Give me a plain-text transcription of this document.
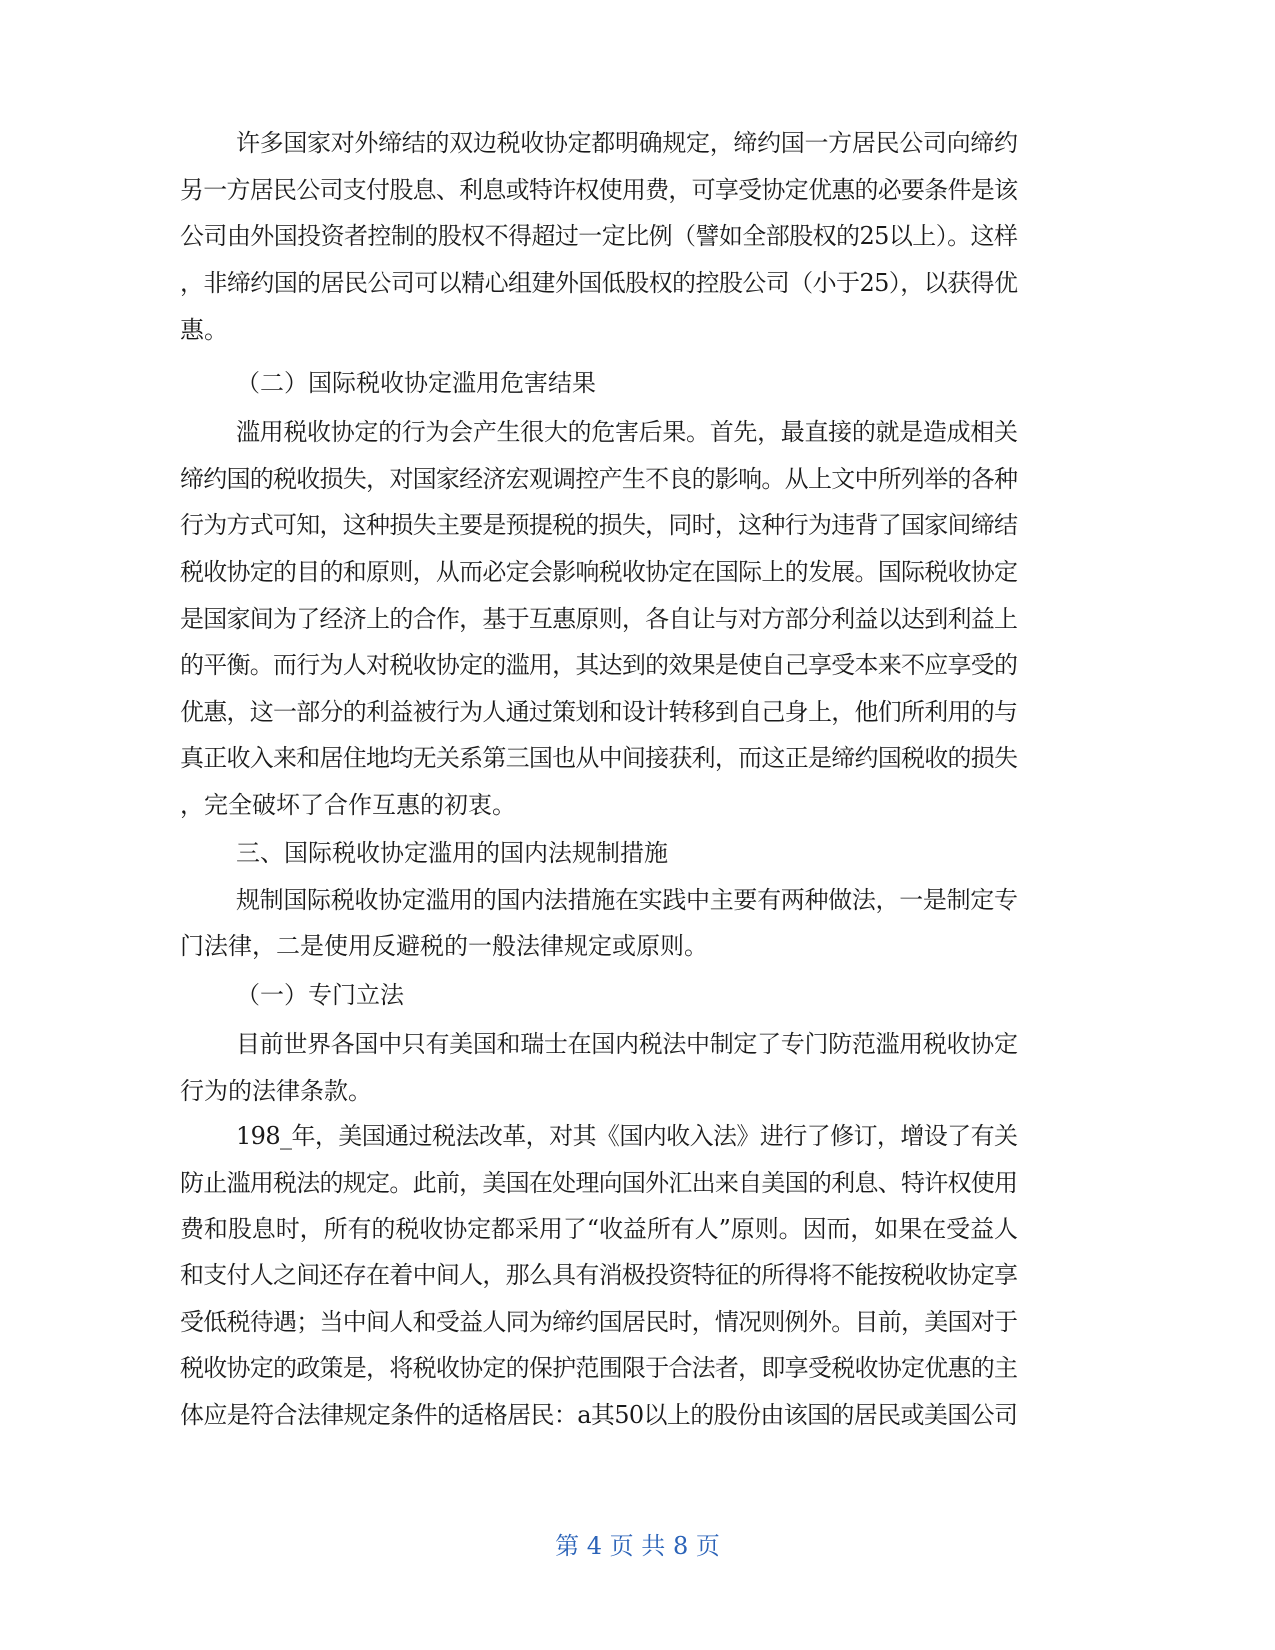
许多国家对外缔结的双边税收协定都明确规定，缔约国一方居民公司向缔约
另一方居民公司支付股息、利息或特许权使用费，可享受协定优惠的必要条件是该
公司由外国投资者控制的股权不得超过一定比例（譬如全部股权的25以上）。这样
，非缔约国的居民公司可以精心组建外国低股权的控股公司（小于25），以获得优
惠。
（二）国际税收协定滥用危害结果
滥用税收协定的行为会产生很大的危害后果。首先，最直接的就是造成相关
缔约国的税收损失，对国家经济宏观调控产生不良的影响。从上文中所列举的各种
行为方式可知，这种损失主要是预提税的损失，同时，这种行为违背了国家间缔结
税收协定的目的和原则，从而必定会影响税收协定在国际上的发展。国际税收协定
是国家间为了经济上的合作，基于互惠原则，各自让与对方部分利益以达到利益上
的平衡。而行为人对税收协定的滥用，其达到的效果是使自己享受本来不应享受的
优惠，这一部分的利益被行为人通过策划和设计转移到自己身上，他们所利用的与
真正收入来和居住地均无关系第三国也从中间接获利，而这正是缔约国税收的损失
，完全破坏了合作互惠的初衷。
三、国际税收协定滥用的国内法规制措施
规制国际税收协定滥用的国内法措施在实践中主要有两种做法，一是制定专
门法律，二是使用反避税的一般法律规定或原则。
（一）专门立法
目前世界各国中只有美国和瑞士在国内税法中制定了专门防范滥用税收协定
行为的法律条款。
198_年，美国通过税法改革，对其《国内收入法》进行了修订，增设了有关
防止滥用税法的规定。此前，美国在处理向国外汇出来自美国的利息、特许权使用
费和股息时，所有的税收协定都采用了“收益所有人”原则。因而，如果在受益人
和支付人之间还存在着中间人，那么具有消极投资特征的所得将不能按税收协定享
受低税待遇；当中间人和受益人同为缔约国居民时，情况则例外。目前，美国对于
税收协定的政策是，将税收协定的保护范围限于合法者，即享受税收协定优惠的主
体应是符合法律规定条件的适格居民：a其50以上的股份由该国的居民或美国公司
第 4 页 共 8 页
